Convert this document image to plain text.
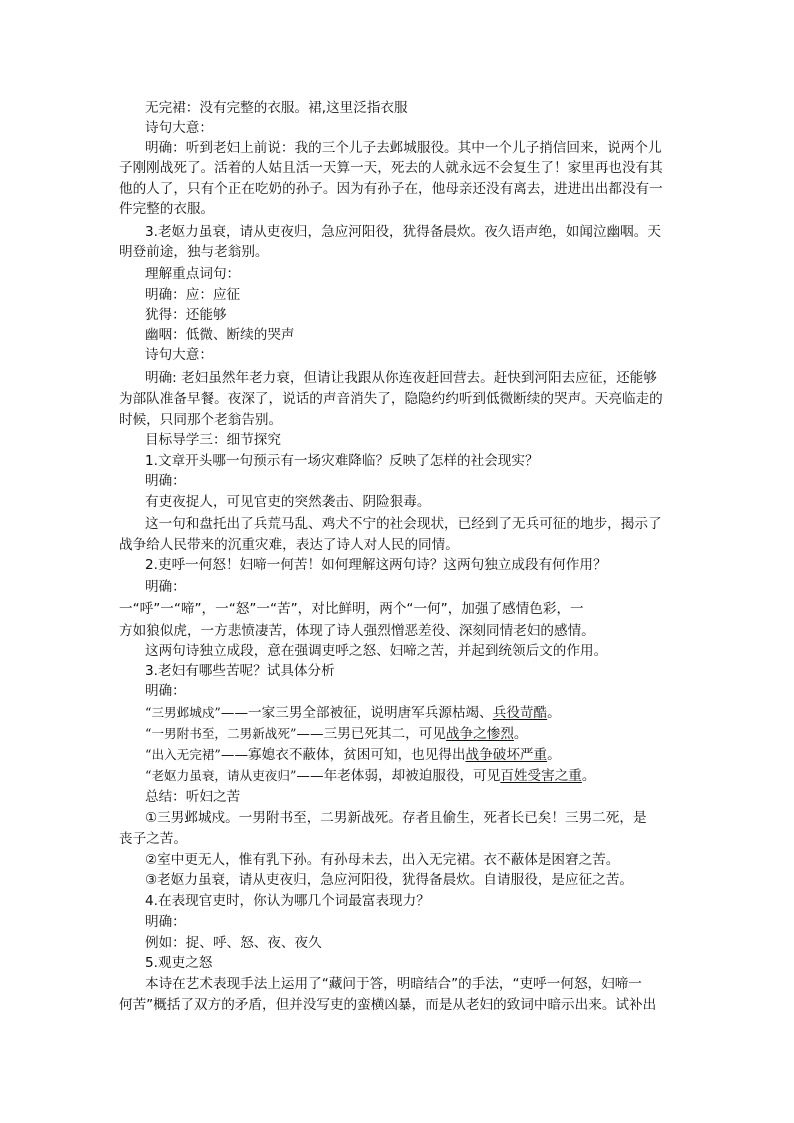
无完裙：没有完整的衣服。裙,这里泛指衣服
诗句大意：
明确：听到老妇上前说：我的三个儿子去邺城服役。其中一个儿子捎信回来，说两个儿
子刚刚战死了。活着的人姑且活一天算一天，死去的人就永远不会复生了！家里再也没有其
他的人了，只有个正在吃奶的孙子。因为有孙子在，他母亲还没有离去，进进出出都没有一
件完整的衣服。
3.老妪力虽衰，请从吏夜归，急应河阳役，犹得备晨炊。夜久语声绝，如闻泣幽咽。天
明登前途，独与老翁别。
理解重点词句：
明确：应：应征
犹得：还能够
幽咽：低微、断续的哭声
诗句大意：
明确: 老妇虽然年老力衰，但请让我跟从你连夜赶回营去。赶快到河阳去应征，还能够
为部队准备早餐。夜深了，说话的声音消失了，隐隐约约听到低微断续的哭声。天亮临走的
时候，只同那个老翁告别。
目标导学三：细节探究
1.文章开头哪一句预示有一场灾难降临？反映了怎样的社会现实？
明确：
有吏夜捉人，可见官吏的突然袭击、阴险狠毒。
这一句和盘托出了兵荒马乱、鸡犬不宁的社会现状，已经到了无兵可征的地步，揭示了
战争给人民带来的沉重灾难，表达了诗人对人民的同情。
2.吏呼一何怒！妇啼一何苦！如何理解这两句诗？这两句独立成段有何作用？
明确：
一“呼”一“啼”，一“怒”一“苦”，对比鲜明，两个“一何”，加强了感情色彩，一
方如狼似虎，一方悲愤凄苦，体现了诗人强烈憎恶差役、深刻同情老妇的感情。
这两句诗独立成段，意在强调吏呼之怒、妇啼之苦，并起到统领后文的作用。
3.老妇有哪些苦呢？试具体分析
明确：
“三男邺城戍”——一家三男全部被征，说明唐军兵源枯竭、兵役苛酷。
“一男附书至，二男新战死”——三男已死其二，可见战争之惨烈。
“出入无完裙”——寡媳衣不蔽体，贫困可知，也见得出战争破坏严重。
“老妪力虽衰，请从吏夜归”——年老体弱，却被迫服役，可见百姓受害之重。
总结：听妇之苦
①三男邺城戍。一男附书至，二男新战死。存者且偷生，死者长已矣！三男二死，是
丧子之苦。
②室中更无人，惟有乳下孙。有孙母未去，出入无完裙。衣不蔽体是困窘之苦。
③老妪力虽衰，请从吏夜归，急应河阳役，犹得备晨炊。自请服役，是应征之苦。
4.在表现官吏时，你认为哪几个词最富表现力？
明确：
例如：捉、呼、怒、夜、夜久
5.观吏之怒
本诗在艺术表现手法上运用了“藏问于答，明暗结合”的手法，“吏呼一何怒，妇啼一
何苦”概括了双方的矛盾，但并没写吏的蛮横凶暴，而是从老妇的致词中暗示出来。试补出
